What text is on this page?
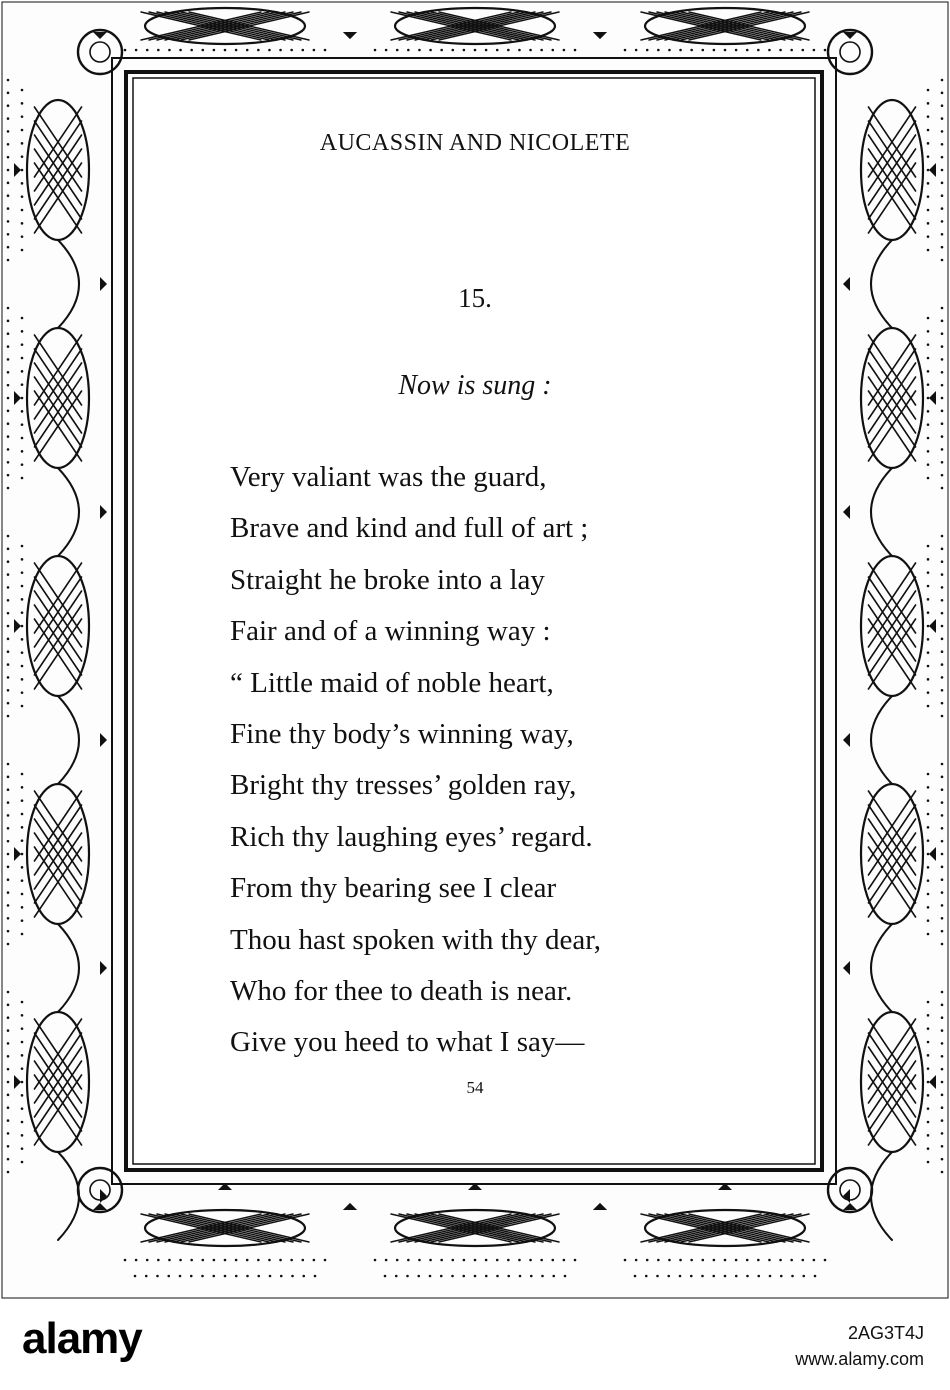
AUCASSIN AND NICOLETE
15.
Now is sung :
Very valiant was the guard,
Brave and kind and full of art ;
Straight he broke into a lay
Fair and of a winning way :
“ Little maid of noble heart,
Fine thy body’s winning way,
Bright thy tresses’ golden ray,
Rich thy laughing eyes’ regard.
From thy bearing see I clear
Thou hast spoken with thy dear,
Who for thee to death is near.
Give you heed to what I say—
54
alamy	2AG3T4J
www.alamy.com
